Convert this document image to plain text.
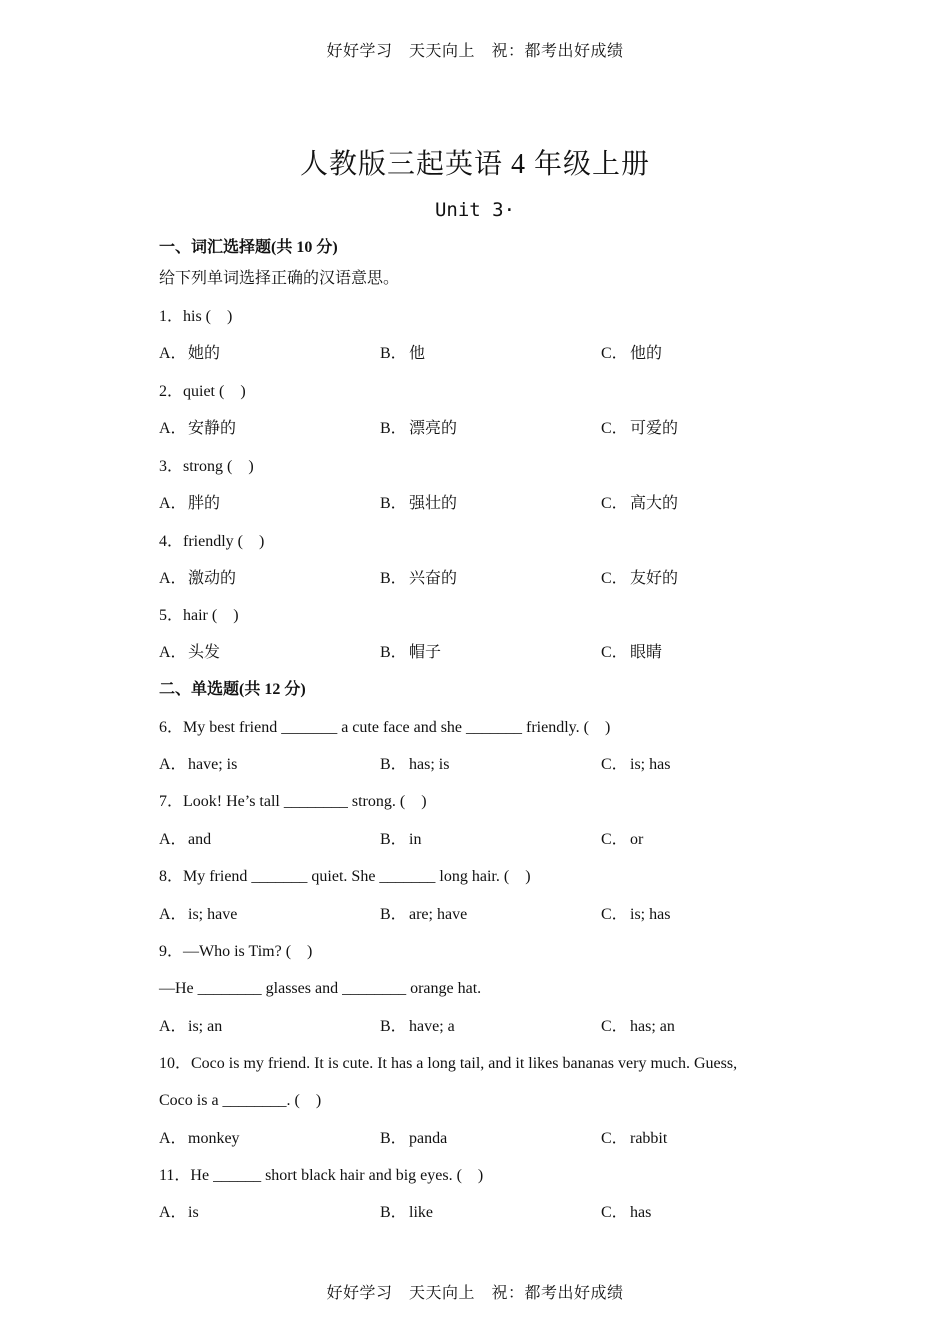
好好学习　天天向上　祝：都考出好成绩
人教版三起英语 4 年级上册
Unit 3·
一、词汇选择题(共 10 分)
给下列单词选择正确的汉语意思。
1．his (　)
A．她的	B． 他	C． 他的
2．quiet (　)
A．安静的	B． 漂亮的	C． 可爱的
3．strong (　)
A．胖的	B． 强壮的	C． 高大的
4．friendly (　)
A．激动的	B． 兴奋的	C． 友好的
5．hair (　)
A．头发	B． 帽子	C． 眼睛
二、单选题(共 12 分)
6．My best friend _______ a cute face and she _______ friendly. (　)
A．have; is	B． has; is	C． is; has
7．Look! He’s tall ________ strong. (　)
A．and	B． in	C． or
8．My friend _______ quiet. She _______ long hair. (　)
A．is; have	B． are; have	C． is; has
9．—Who is Tim? (　)
—He ________ glasses and ________ orange hat.
A．is; an	B． have; a	C． has; an
10．Coco is my friend. It is cute. It has a long tail, and it likes bananas very much. Guess,
Coco is a ________. (　)
A．monkey	B． panda	C． rabbit
11．He ______ short black hair and big eyes. (　)
A．is	B． like	C． has
好好学习　天天向上　祝：都考出好成绩
